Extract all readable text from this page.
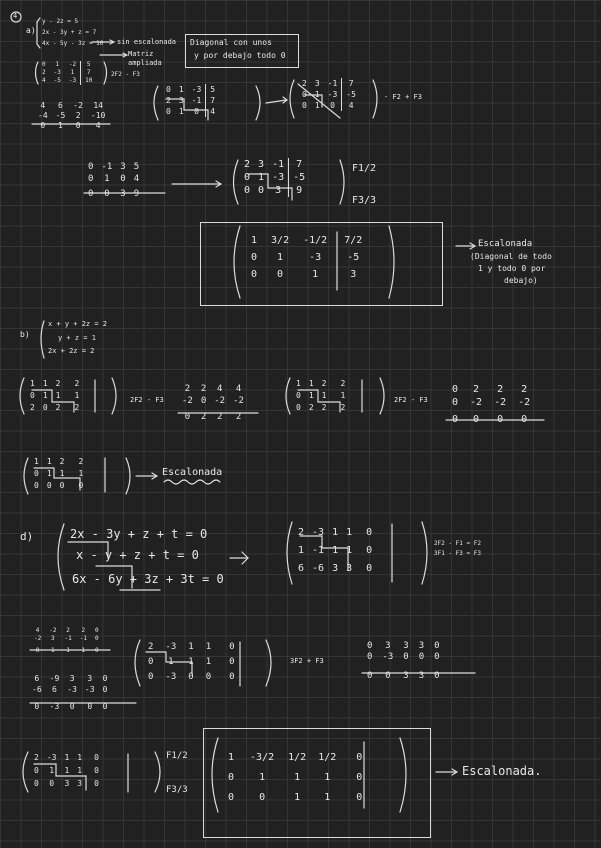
4
a)
y - 2z = 5
2x - 3y + z = 7
4x - 5y - 3z = 10 sin escalonada
Matriz
ampliada
Diagonal con unos
y por debajo todo 0
0	1	-2	5
2	-3	1	7
4	-5	-3	10
2F2 - F3
4	6	-2	14
-4	-5	2	-10
0	1	0	4
0	1	-3	5
2	3	-1	7
0	1	0	4
2	3	-1	7
0	1	-3	-5
0	1	0	4
- F2 + F3
0	-1	3	5
0	1	0	4
0	0	3	9
2	3	-1	7
0	1	-3	-5
0	0	3	9
F1/2
F3/3
1	3/2	-1/2	7/2
0	1	-3	-5
0	0	1	3
Escalonada
(Diagonal de todo
1 y todo 0 por
debajo)
b)
x + y + 2z = 2
y + z = 1
2x + 2z = 2
1	1	2	2
0	1	1	1
2	0	2	2
2F2 - F3
2	2	4	4
-2	0	-2	-2
0	2	2	2
1	1	2	2
0	1	1	1
0	2	2	2
2F2 - F3
0	2	2	2
0	-2	-2	-2
0	0	0	0
1	1	2	2
0	1	1	1
0	0	0	0
Escalonada
d)	2x - 3y + z + t = 0
x - y + z + t = 0
6x - 6y + 3z + 3t = 0
2	-3	1	1	0
1	-1	1	1	0
6	-6	3	3	0
2F2 - F1 = F2
3F1 - F3 = F3
4	-2	2	2	0
-2	3	-1	-1	0
0	1	1	1	0
6	-9	3	3	0
-6	6	-3	-3	0
0	-3	0	0	0
2	-3	1	1	0
0	1	1	1	0
0	-3	0	0	0
3F2 + F3
0	3	3	3	0
0	-3	0	0	0
0	0	3	3	0
2	-3	1	1	0
0	1	1	1	0
0	0	3	3	0
F1/2
F3/3
1	-3/2	1/2	1/2	0
0	1	1	1	0
0	0	1	1	0
Escalonada.
